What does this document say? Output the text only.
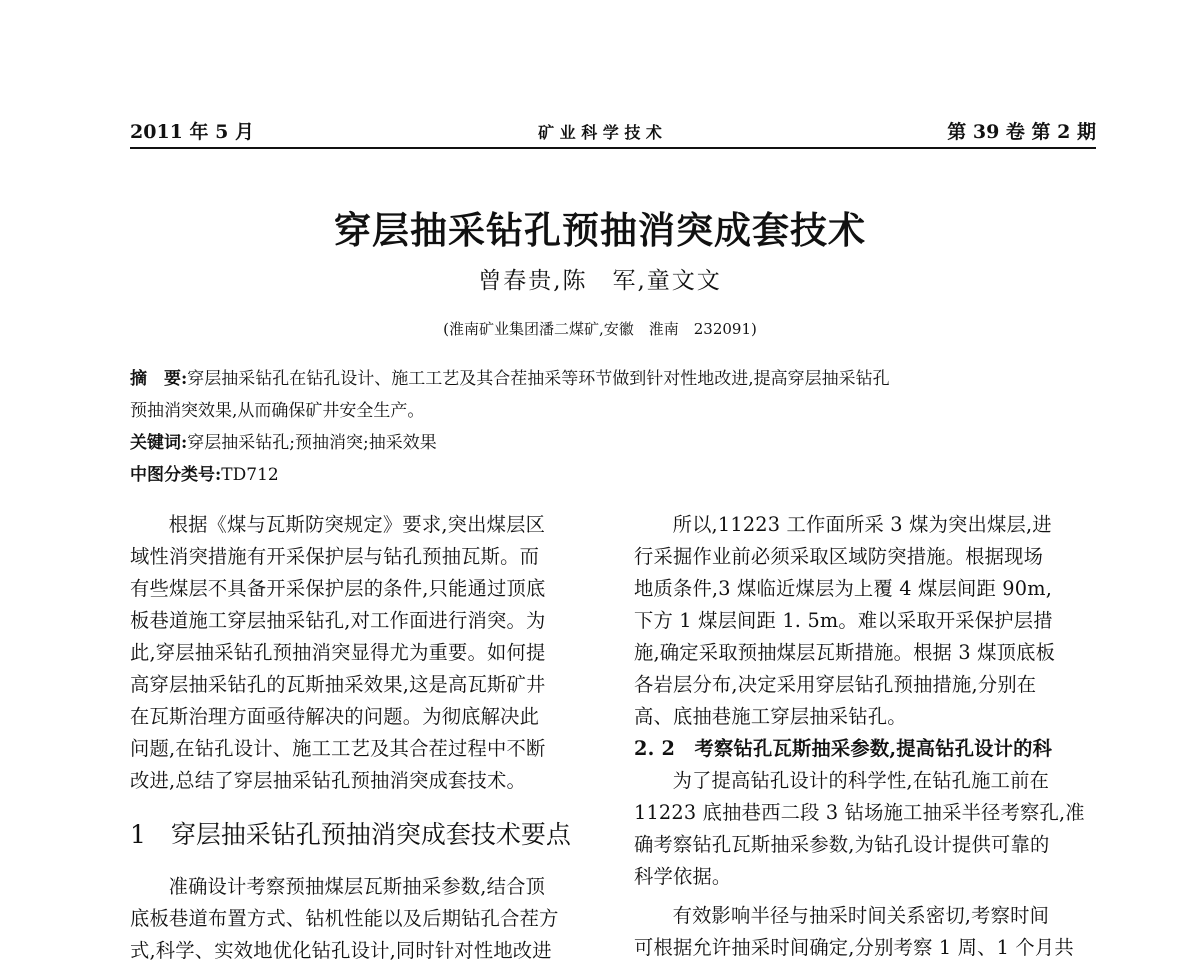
2011 年 5 月	矿 业 科 学 技 术	第 39 卷 第 2 期
穿层抽采钻孔预抽消突成套技术
曾春贵,陈　军,童文文
(淮南矿业集团潘二煤矿,安徽　淮南　232091)
摘　要:穿层抽采钻孔在钻孔设计、施工工艺及其合茬抽采等环节做到针对性地改进,提高穿层抽采钻孔
预抽消突效果,从而确保矿井安全生产。
关键词:穿层抽采钻孔;预抽消突;抽采效果
中图分类号:TD712

根据《煤与瓦斯防突规定》要求,突出煤层区

域性消突措施有开采保护层与钻孔预抽瓦斯。而

有些煤层不具备开采保护层的条件,只能通过顶底

板巷道施工穿层抽采钻孔,对工作面进行消突。为

此,穿层抽采钻孔预抽消突显得尤为重要。如何提

高穿层抽采钻孔的瓦斯抽采效果,这是高瓦斯矿井

在瓦斯治理方面亟待解决的问题。为彻底解决此

问题,在钻孔设计、施工工艺及其合茬过程中不断

改进,总结了穿层抽采钻孔预抽消突成套技术。

1　穿层抽采钻孔预抽消突成套技术要点

准确设计考察预抽煤层瓦斯抽采参数,结合顶

底板巷道布置方式、钻机性能以及后期钻孔合茬方

式,科学、实效地优化钻孔设计,同时针对性地改进

所以,11223 工作面所采 3 煤为突出煤层,进

行采掘作业前必须采取区域防突措施。根据现场

地质条件,3 煤临近煤层为上覆 4 煤层间距 90m,

下方 1 煤层间距 1. 5m。难以采取开采保护层措

施,确定采取预抽煤层瓦斯措施。根据 3 煤顶底板

各岩层分布,决定采用穿层钻孔预抽措施,分别在

高、底抽巷施工穿层抽采钻孔。

2. 2　考察钻孔瓦斯抽采参数,提高钻孔设计的科

为了提高钻孔设计的科学性,在钻孔施工前在

11223 底抽巷西二段 3 钻场施工抽采半径考察孔,准

确考察钻孔瓦斯抽采参数,为钻孔设计提供可靠的

科学依据。

有效影响半径与抽采时间关系密切,考察时间

可根据允许抽采时间确定,分别考察 1 周、1 个月共
